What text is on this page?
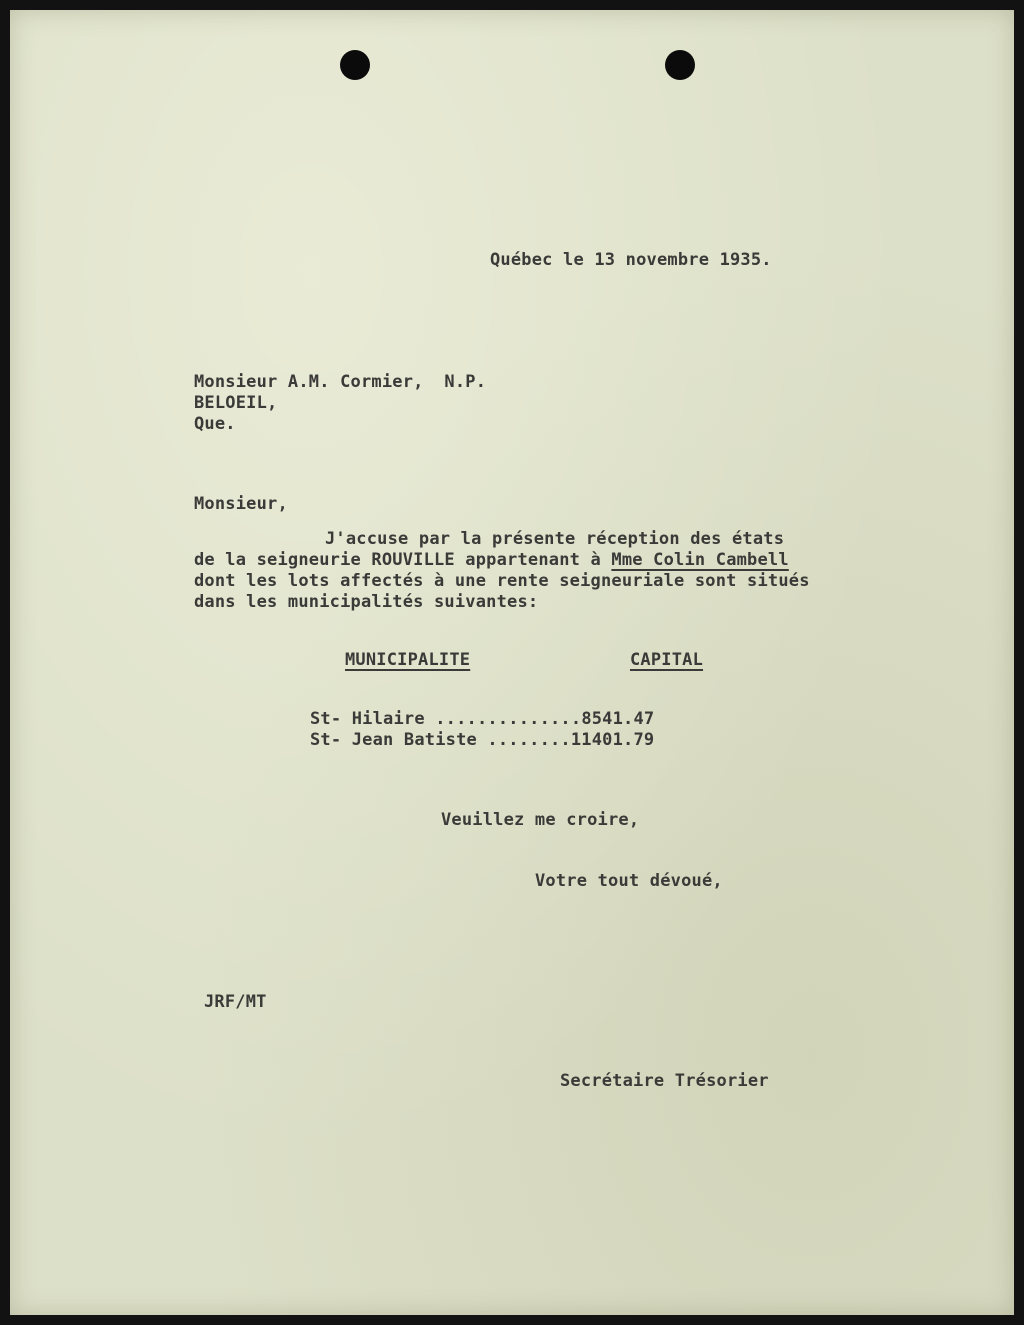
Québec le 13 novembre 1935.
Monsieur A.M. Cormier,  N.P.
BELOEIL,
Que.
Monsieur,
J'accuse par la présente réception des états
de la seigneurie ROUVILLE appartenant à Mme Colin Cambell
dont les lots affectés à une rente seigneuriale sont situés
dans les municipalités suivantes:
MUNICIPALITE	CAPITAL
St- Hilaire ..............8541.47
St- Jean Batiste ........11401.79
Veuillez me croire,
Votre tout dévoué,
JRF/MT
Secrétaire Trésorier
